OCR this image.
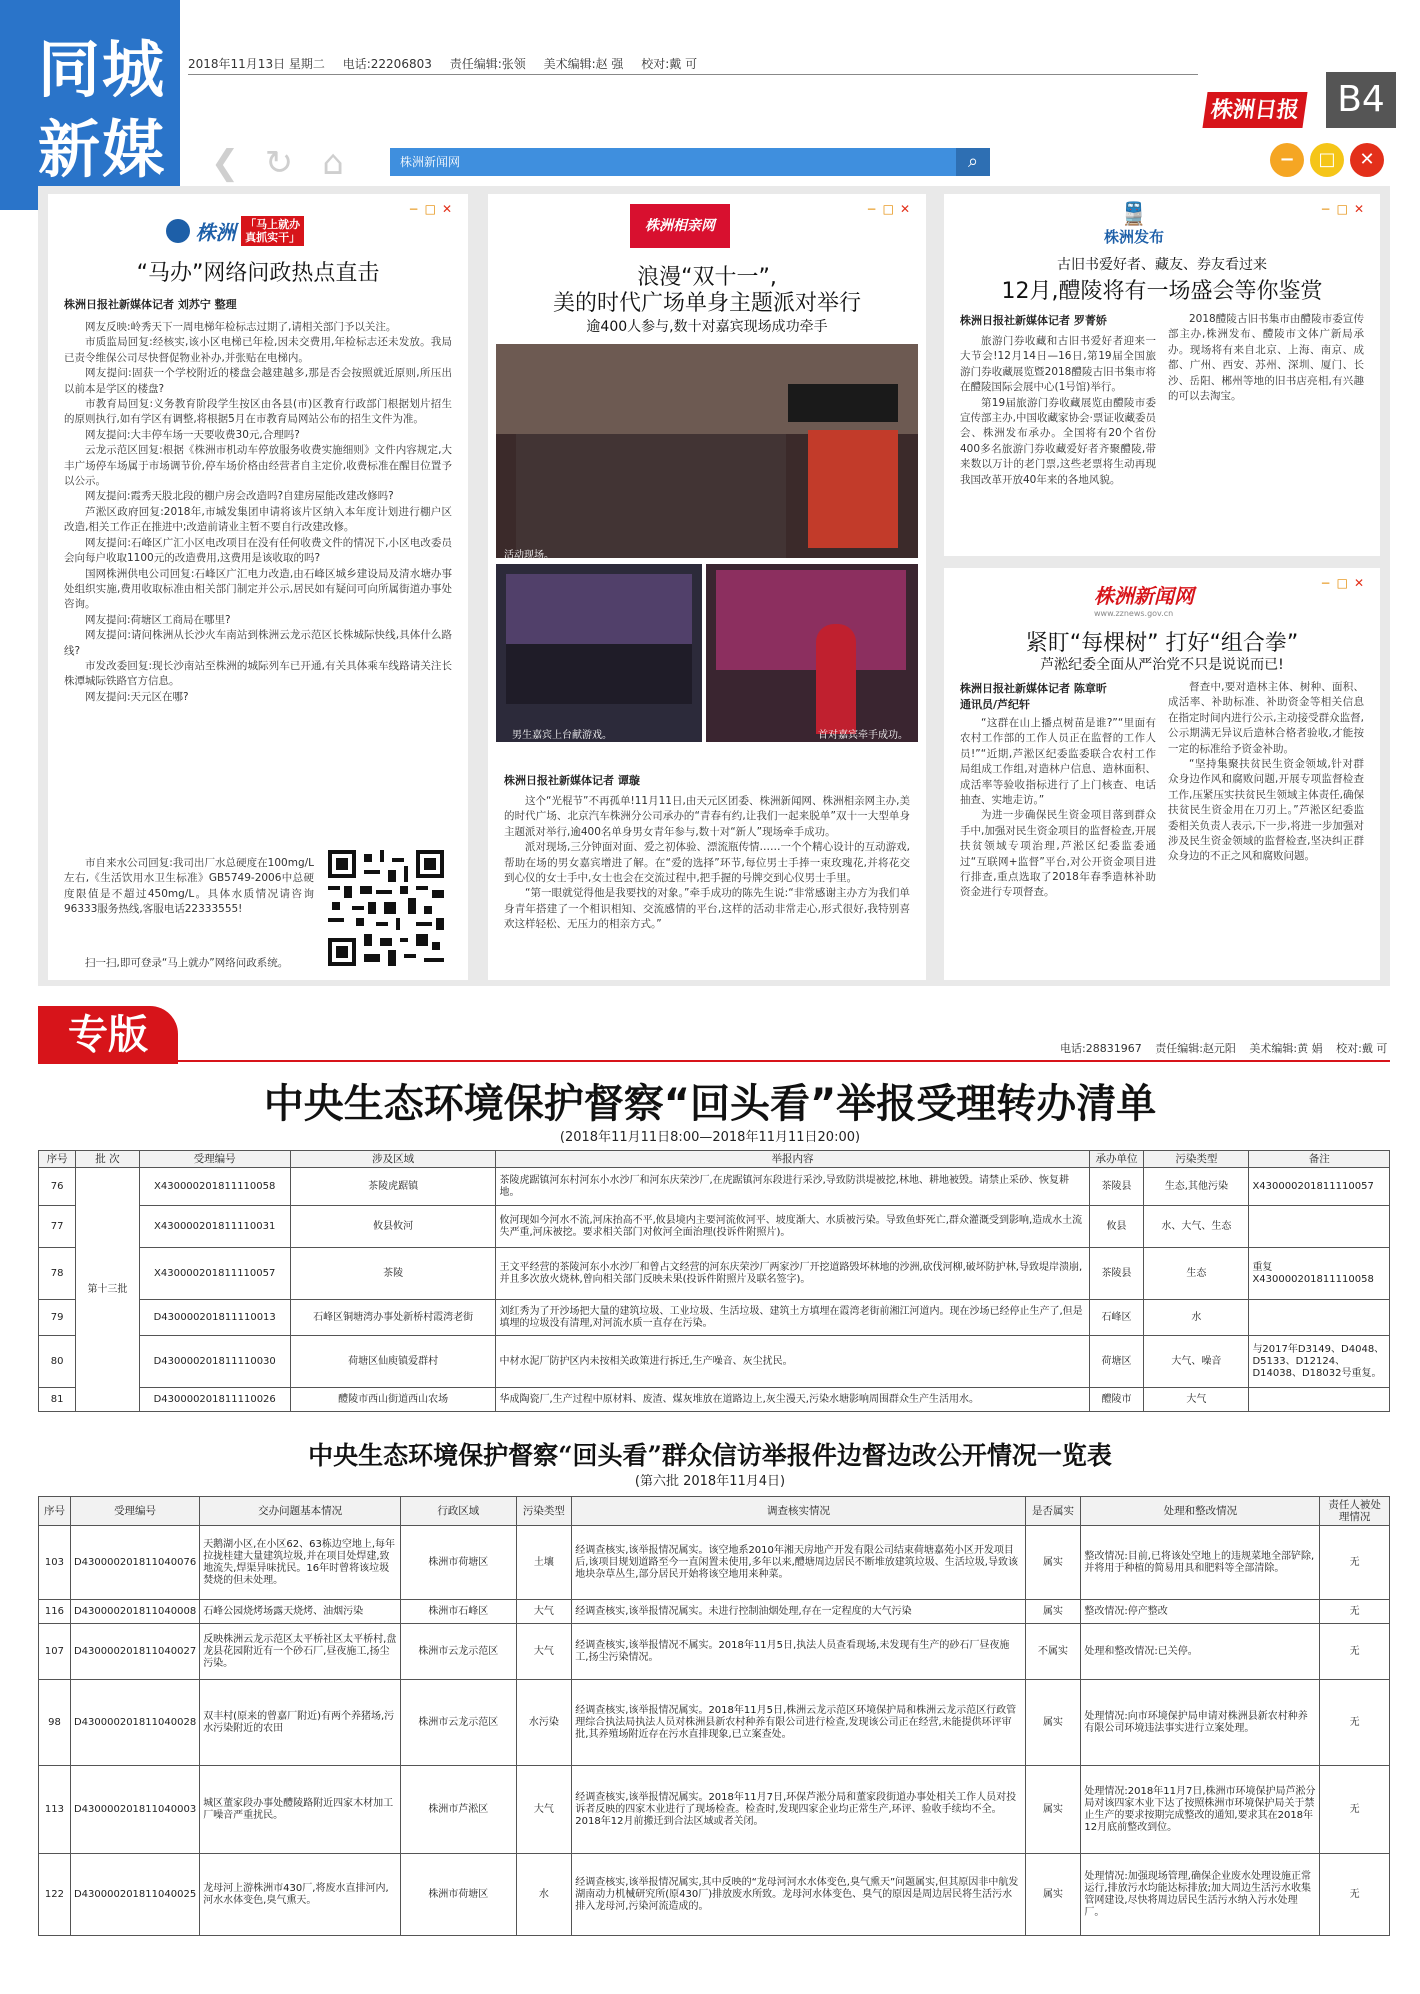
同城
新媒
2018年11月13日 星期二 电话:22206803 责任编辑:张领 美术编辑:赵 强 校对:戴 可
株洲日报	B4
❮ ↻ ⌂	株洲新闻网	⌕	−	□	✕
−□✕
株洲 「马上就办
真抓实干」
“马办”网络问政热点直击
株洲日报社新媒体记者 刘苏宁 整理

网友反映:岭秀天下一周电梯年检标志过期了,请相关部门予以关注。

市质监局回复:经核实,该小区电梯已年检,因未交费用,年检标志还未发放。我局已责令维保公司尽快督促物业补办,并张贴在电梯内。

网友提问:固获一个学校附近的楼盘会越建越多,那是否会按照就近原则,所压出以前本是学区的楼盘?

市教育局回复:义务教育阶段学生按区由各县(市)区教育行政部门根据划片招生的原则执行,如有学区有调整,将根据5月在市教育局网站公布的招生文件为准。

网友提问:大丰停车场一天要收费30元,合理吗?

云龙示范区回复:根据《株洲市机动车停放服务收费实施细则》文件内容规定,大丰广场停车场属于市场调节价,停车场价格由经营者自主定价,收费标准在醒目位置予以公示。

网友提问:霞秀天股北段的棚户房会改造吗?自建房屋能改建改修吗?

芦淞区政府回复:2018年,市城发集团申请将该片区纳入本年度计划进行棚户区改造,相关工作正在推进中;改造前请业主暂不要自行改建改修。

网友提问:石峰区广汇小区电改项目在没有任何收费文件的情况下,小区电改委员会向每户收取1100元的改造费用,这费用是该收取的吗?

国网株洲供电公司回复:石峰区广汇电力改造,由石峰区城乡建设局及清水塘办事处组织实施,费用收取标准由相关部门制定并公示,居民如有疑问可向所属街道办事处咨询。

网友提问:荷塘区工商局在哪里?

网友提问:请问株洲从长沙火车南站到株洲云龙示范区长株城际快线,具体什么路线?

市发改委回复:现长沙南站至株洲的城际列车已开通,有关具体乘车线路请关注长株潭城际铁路官方信息。

网友提问:天元区在哪?

市自来水公司回复:我司出厂水总硬度在100mg/L左右,《生活饮用水卫生标准》GB5749-2006中总硬度限值是不超过450mg/L。具体水质情况请咨询96333服务热线,客服电话22333555!

扫一扫,即可登录“马上就办”网络问政系统。

−□✕
株洲相亲网
浪漫“双十一”,
美的时代广场单身主题派对举行
逾400人参与,数十对嘉宾现场成功牵手
活动现场。
男生嘉宾上台献游戏。	首对嘉宾牵手成功。
株洲日报社新媒体记者 谭璇

这个“光棍节”不再孤单!11月11日,由天元区团委、株洲新闻网、株洲相亲网主办,美的时代广场、北京汽车株洲分公司承办的“青春有约,让我们一起来脱单”双十一大型单身主题派对举行,逾400名单身男女青年参与,数十对“新人”现场牵手成功。

派对现场,三分钟面对面、爱之初体验、漂流瓶传情……一个个精心设计的互动游戏,帮助在场的男女嘉宾增进了解。在“爱的选择”环节,每位男士手捧一束玫瑰花,并将花交到心仪的女士手中,女士也会在交流过程中,把手握的号牌交到心仪男士手里。

“第一眼就觉得他是我要找的对象。”牵手成功的陈先生说:“非常感谢主办方为我们单身青年搭建了一个相识相知、交流感情的平台,这样的活动非常走心,形式很好,我特别喜欢这样轻松、无压力的相亲方式。”

−□✕
🚆
株洲发布
古旧书爱好者、藏友、券友看过来
12月,醴陵将有一场盛会等你鉴赏
株洲日报社新媒体记者 罗菁娇

旅游门券收藏和古旧书爱好者迎来一大节会!12月14日—16日,第19届全国旅游门券收藏展览暨2018醴陵古旧书集市将在醴陵国际会展中心(1号馆)举行。

第19届旅游门券收藏展览由醴陵市委宣传部主办,中国收藏家协会·票证收藏委员会、株洲发布承办。全国将有20个省份400多名旅游门券收藏爱好者齐聚醴陵,带来数以万计的老门票,这些老票将生动再现我国改革开放40年来的各地风貌。

2018醴陵古旧书集市由醴陵市委宣传部主办,株洲发布、醴陵市文体广新局承办。现场将有来自北京、上海、南京、成都、广州、西安、苏州、深圳、厦门、长沙、岳阳、郴州等地的旧书店亮相,有兴趣的可以去淘宝。

−□✕
株洲新闻网
www.zznews.gov.cn
紧盯“每棵树” 打好“组合拳”
芦淞纪委全面从严治党不只是说说而已!
株洲日报社新媒体记者 陈章昕
通讯员/芦纪轩

“这群在山上播点树苗是谁?”“里面有农村工作部的工作人员正在监督的工作人员!”“近期,芦淞区纪委监委联合农村工作局组成工作组,对造林户信息、造林面积、成活率等验收指标进行了上门核查、电话抽查、实地走访。”

为进一步确保民生资金项目落到群众手中,加强对民生资金项目的监督检查,开展扶贫领域专项治理,芦淞区纪委监委通过“互联网+监督”平台,对公开资金项目进行排查,重点选取了2018年春季造林补助资金进行专项督查。

督查中,要对造林主体、树种、面积、成活率、补助标准、补助资金等相关信息在指定时间内进行公示,主动接受群众监督,公示期满无异议后造林合格者验收,才能按一定的标准给予资金补助。

“坚持集聚扶贫民生资金领域,针对群众身边作风和腐败问题,开展专项监督检查工作,压紧压实扶贫民生领域主体责任,确保扶贫民生资金用在刀刃上。”芦淞区纪委监委相关负责人表示,下一步,将进一步加强对涉及民生资金领域的监督检查,坚决纠正群众身边的不正之风和腐败问题。

专版	电话:28831967 责任编辑:赵元阳 美术编辑:黄 娟 校对:戴 可
中央生态环境保护督察“回头看”举报受理转办清单
(2018年11月11日8:00—2018年11月11日20:00)
序号	批 次	受理编号	涉及区域	举报内容	承办单位	污染类型	备注
76	第十三批	X430000201811110058	茶陵虎踞镇	茶陵虎踞镇河东村河东小水沙厂和河东庆荣沙厂,在虎踞镇河东段进行采沙,导致防洪堤被挖,林地、耕地被毁。请禁止采砂、恢复耕地。	茶陵县	生态,其他污染	X430000201811110057
77		X430000201811110031	攸县攸河	攸河现如今河水不流,河床抬高不平,攸县境内主要河流攸河平、坡度渐大、水质被污染。导致鱼虾死亡,群众灌溉受到影响,造成水土流失严重,河床被挖。要求相关部门对攸河全面治理(投诉件附照片)。	攸县	水、大气、生态	
78		X430000201811110057	茶陵	王文平经营的茶陵河东小水沙厂和曾占文经营的河东庆荣沙厂两家沙厂开挖道路毁坏林地的沙洲,砍伐河柳,破坏防护林,导致堤岸溃崩,并且多次放火烧林,曾向相关部门反映未果(投诉件附照片及联名签字)。	茶陵县	生态	重复X430000201811110058
79		D430000201811110013	石峰区铜塘湾办事处新桥村霞湾老街	刘红秀为了开沙场把大量的建筑垃圾、工业垃圾、生活垃圾、建筑土方填埋在霞湾老街前湘江河道内。现在沙场已经停止生产了,但是填埋的垃圾没有清理,对河流水质一直存在污染。	石峰区	水	
80		D430000201811110030	荷塘区仙庾镇爱群村	中材水泥厂防护区内未按相关政策进行拆迁,生产噪音、灰尘扰民。	荷塘区	大气、噪音	与2017年D3149、D4048、D5133、D12124、D14038、D18032号重复。
81		D430000201811110026	醴陵市西山街道西山农场	华成陶瓷厂,生产过程中原材料、废渣、煤灰堆放在道路边上,灰尘漫天,污染水塘影响周围群众生产生活用水。	醴陵市	大气	
中央生态环境保护督察“回头看”群众信访举报件边督边改公开情况一览表
(第六批 2018年11月4日)
序号	受理编号	交办问题基本情况	行政区域	污染类型	调查核实情况	是否属实	处理和整改情况	责任人被处理情况
103	D430000201811040076	天鹅湖小区,在小区62、63栋边空地上,每年拉拢桂建大量建筑垃圾,并在项目处焊建,致地流失,焊渠异味扰民。16年时曾将该垃圾焚烧的但未处理。	株洲市荷塘区	土壤	经调查核实,该举报情况属实。该空地系2010年湘天房地产开发有限公司结束荷塘嘉苑小区开发项目后,该项目规划道路至今一直闲置未使用,多年以来,醴塘周边居民不断堆放建筑垃圾、生活垃圾,导致该地块杂草丛生,部分居民开始将该空地用来种菜。	属实	整改情况:目前,已将该处空地上的违规菜地全部铲除,并将用于种植的简易用具和肥料等全部清除。	无
116	D430000201811040008	石峰公园烧烤场露天烧烤、油烟污染	株洲市石峰区	大气	经调查核实,该举报情况属实。未进行控制油烟处理,存在一定程度的大气污染	属实	整改情况:停产整改	无
107	D430000201811040027	反映株洲云龙示范区太平桥社区太平桥村,盘龙县花园附近有一个砂石厂,昼夜施工,扬尘污染。	株洲市云龙示范区	大气	经调查核实,该举报情况不属实。2018年11月5日,执法人员查看现场,未发现有生产的砂石厂昼夜施工,扬尘污染情况。	不属实	处理和整改情况:已关停。	无
98	D430000201811040028	双丰村(原来的曾嘉厂附近)有两个养猪场,污水污染附近的农田	株洲市云龙示范区	水污染	经调查核实,该举报情况属实。2018年11月5日,株洲云龙示范区环境保护局和株洲云龙示范区行政管理综合执法局执法人员对株洲县新农村种养有限公司进行检查,发现该公司正在经营,未能提供环评审批,其养殖场附近存在污水直排现象,已立案查处。	属实	处理情况:向市环境保护局申请对株洲县新农村种养有限公司环境违法事实进行立案处理。	无
113	D430000201811040003	城区董家段办事处醴陵路附近四家木材加工厂噪音严重扰民。	株洲市芦淞区	大气	经调查核实,该举报情况属实。2018年11月7日,环保芦淞分局和董家段街道办事处相关工作人员对投诉者反映的四家木业进行了现场检查。检查时,发现四家企业均正常生产,环评、验收手续均不全。2018年12月前搬迁到合法区域或者关闭。	属实	处理情况:2018年11月7日,株洲市环境保护局芦淞分局对该四家木业下达了按照株洲市环境保护局关于禁止生产的要求按期完成整改的通知,要求其在2018年12月底前整改到位。	无
122	D430000201811040025	龙母河上游株洲市430厂,将废水直排河内,河水水体变色,臭气熏天。	株洲市荷塘区	水	经调查核实,该举报情况属实,其中反映的“龙母河河水水体变色,臭气熏天”问题属实,但其原因非中航发湖南动力机械研究所(原430厂)排放废水所致。龙母河水体变色、臭气的原因是周边居民将生活污水排入龙母河,污染河流造成的。	属实	处理情况:加强现场管理,确保企业废水处理设施正常运行,排放污水均能达标排放;加大周边生活污水收集管网建设,尽快将周边居民生活污水纳入污水处理厂。	无
